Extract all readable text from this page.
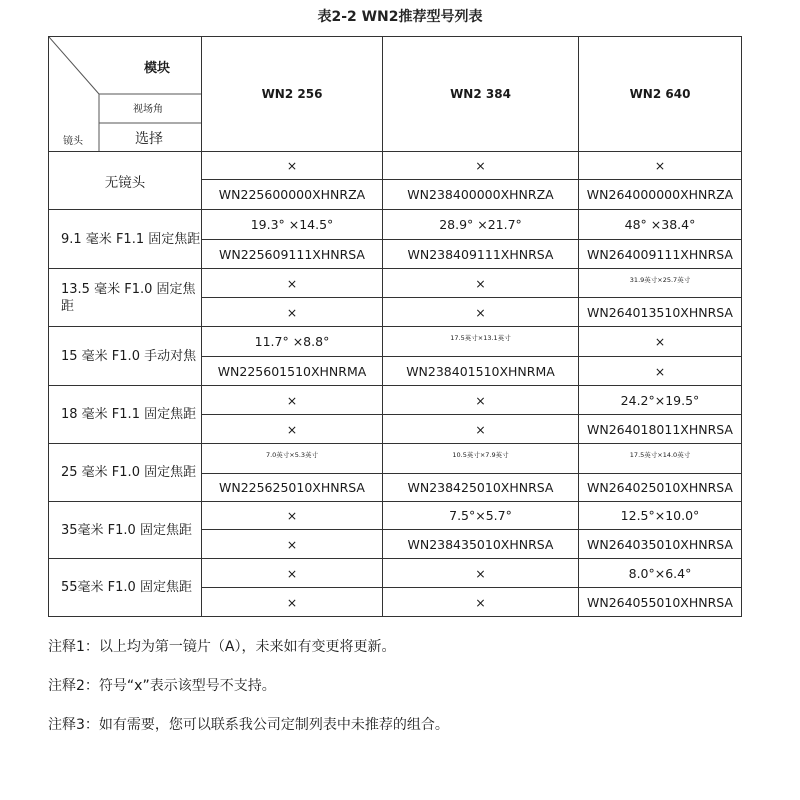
表2-2 WN2推荐型号列表
模块
视场角
镜头 选择	WN2 256	WN2 384	WN2 640
无镜头	×	×	×
	WN225600000XHNRZA	WN238400000XHNRZA	WN264000000XHNRZA
9.1 毫米 F1.1 固定焦距	19.3° ×14.5°	28.9° ×21.7°	48° ×38.4°
	WN225609111XHNRSA	WN238409111XHNRSA	WN264009111XHNRSA
13.5 毫米 F1.0 固定焦距	×	×	31.9英寸×25.7英寸
	×	×	WN264013510XHNRSA
15 毫米 F1.0 手动对焦	11.7° ×8.8°	17.5英寸×13.1英寸	×
	WN225601510XHNRMA	WN238401510XHNRMA	×
18 毫米 F1.1 固定焦距	×	×	24.2°×19.5°
	×	×	WN264018011XHNRSA
25 毫米 F1.0 固定焦距	7.0英寸×5.3英寸	10.5英寸×7.9英寸	17.5英寸×14.0英寸
	WN225625010XHNRSA	WN238425010XHNRSA	WN264025010XHNRSA
35毫米 F1.0 固定焦距	×	7.5°×5.7°	12.5°×10.0°
	×	WN238435010XHNRSA	WN264035010XHNRSA
55毫米 F1.0 固定焦距	×	×	8.0°×6.4°
	×	×	WN264055010XHNRSA
注释1：以上均为第一镜片（A），未来如有变更将更新。
注释2：符号“x”表示该型号不支持。
注释3：如有需要，您可以联系我公司定制列表中未推荐的组合。
